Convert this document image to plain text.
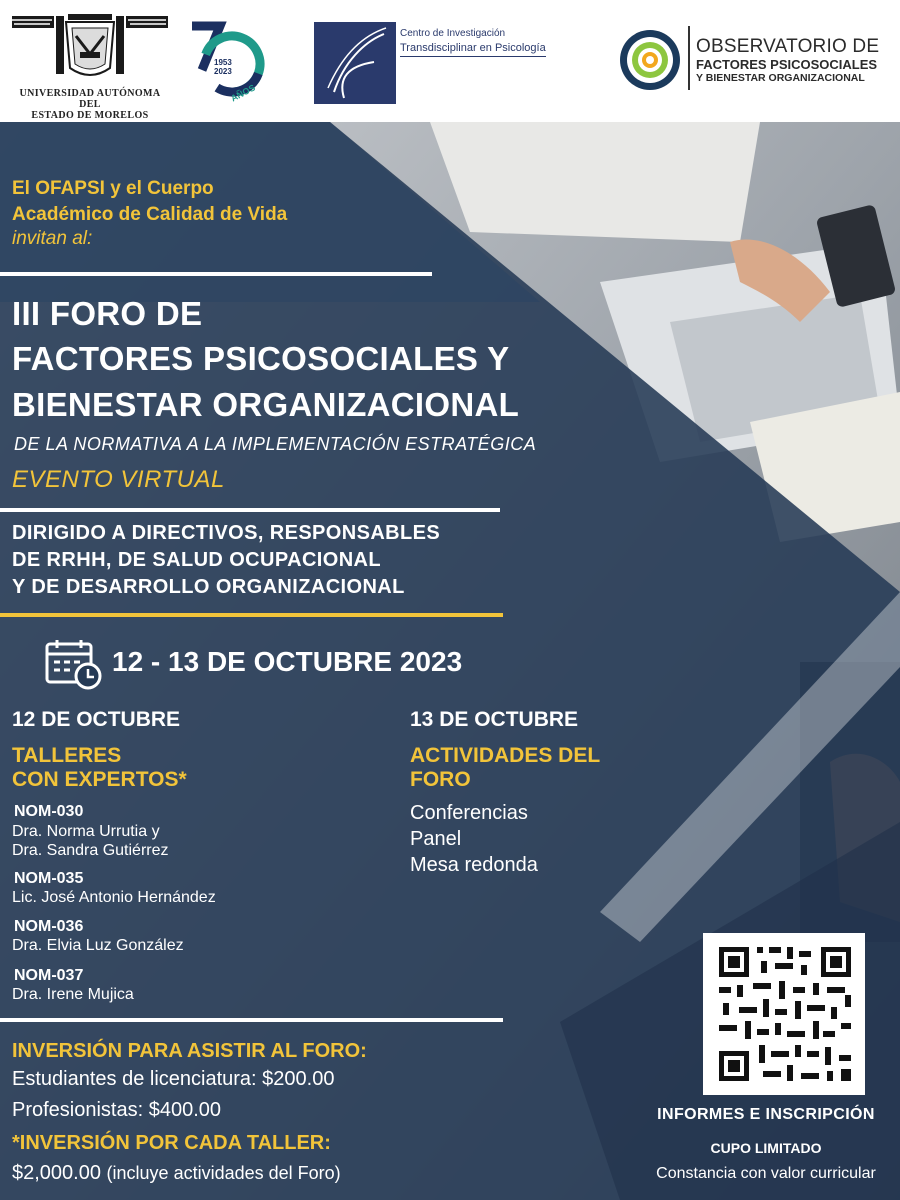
UNIVERSIDAD AUTÓNOMA DEL
ESTADO DE MORELOS
1953
2023
AÑOS
Centro de Investigación
Transdisciplinar en Psicología	OBSERVATORIO DE
FACTORES PSICOSOCIALES
Y BIENESTAR ORGANIZACIONAL
El OFAPSI y el Cuerpo
Académico de Calidad de Vida
invitan al:
III FORO DE
FACTORES PSICOSOCIALES Y
BIENESTAR ORGANIZACIONAL
DE LA NORMATIVA A LA IMPLEMENTACIÓN ESTRATÉGICA
EVENTO VIRTUAL
DIRIGIDO A DIRECTIVOS, RESPONSABLES
DE RRHH, DE SALUD OCUPACIONAL
Y DE DESARROLLO ORGANIZACIONAL
12 - 13 DE OCTUBRE 2023
12 DE OCTUBRE
TALLERES
CON EXPERTOS*
NOM-030
Dra. Norma Urrutia y
Dra. Sandra Gutiérrez
NOM-035
Lic. José Antonio Hernández
NOM-036
Dra. Elvia Luz González
NOM-037
Dra. Irene Mujica
13 DE OCTUBRE
ACTIVIDADES DEL
FORO
Conferencias
Panel
Mesa redonda
INVERSIÓN PARA ASISTIR AL FORO:
Estudiantes de licenciatura: $200.00
Profesionistas: $400.00
*INVERSIÓN POR CADA TALLER:
$2,000.00 (incluye actividades del Foro)
INFORMES E INSCRIPCIÓN
CUPO LIMITADO
Constancia con valor curricular
